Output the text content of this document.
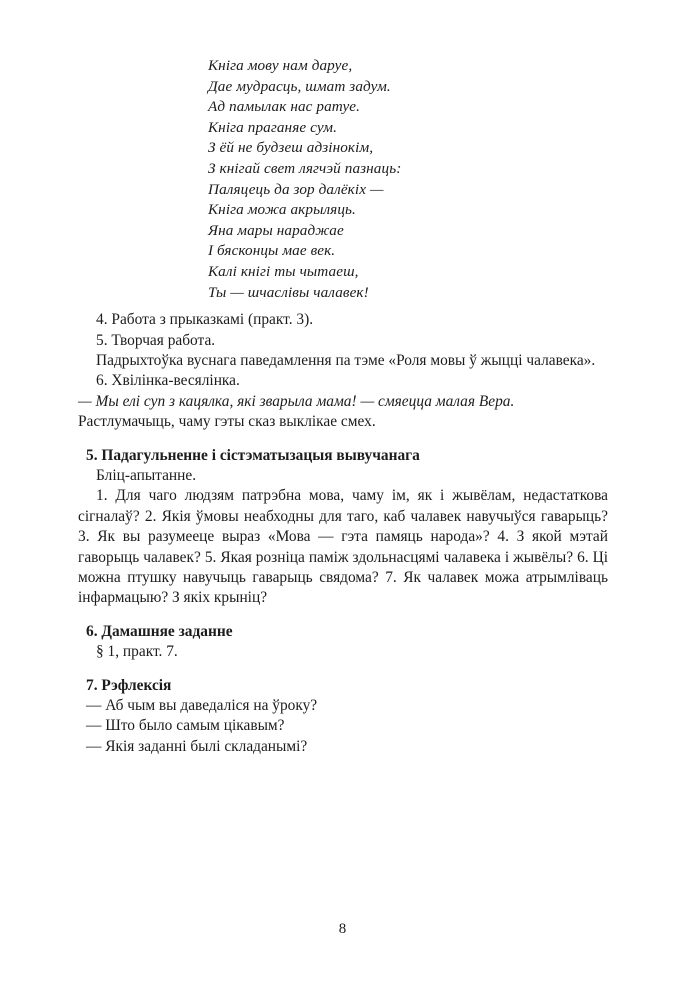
Кніга мову нам даруе,
Дае мудрасць, шмат задум.
Ад памылак нас ратуе.
Кніга праганяе сум.
З ёй не будзеш адзінокім,
З кнігай свет лягчэй пазнаць:
Паляцець да зор далёкіх —
Кніга можа акрыляць.
Яна мары нараджае
І бясконцы мае век.
Калі кнігі ты чытаеш,
Ты — шчаслівы чалавек!

4. Работа з прыказкамі (практ. 3).

5. Творчая работа.

Падрыхтоўка вуснага паведамлення па тэме «Роля мовы ў жыцці чалавека».

6. Хвілінка-весялінка.

— Мы елі суп з кацялка, які зварыла мама! — смяецца малая Вера.

Растлумачыць, чаму гэты сказ выклікае смех.

5. Падагульненне і сістэматызацыя вывучанага

Бліц-апытанне.

1. Для чаго людзям патрэбна мова, чаму ім, як і жывёлам, недастаткова сігналаў? 2. Якія ўмовы неабходны для таго, каб чалавек навучыўся гаварыць? 3. Як вы разумееце выраз «Мова — гэта памяць народа»? 4. З якой мэтай гаворыць чалавек? 5. Якая розніца паміж здольнасцямі чалавека і жывёлы? 6. Ці можна птушку навучыць гаварыць свядома? 7. Як чалавек можа атрымліваць інфармацыю? З якіх крыніц?

6. Дамашняе заданне

§ 1, практ. 7.

7. Рэфлексія

— Аб чым вы даведаліся на ўроку?

— Што было самым цікавым?

— Якія заданні былі складанымі?

8
